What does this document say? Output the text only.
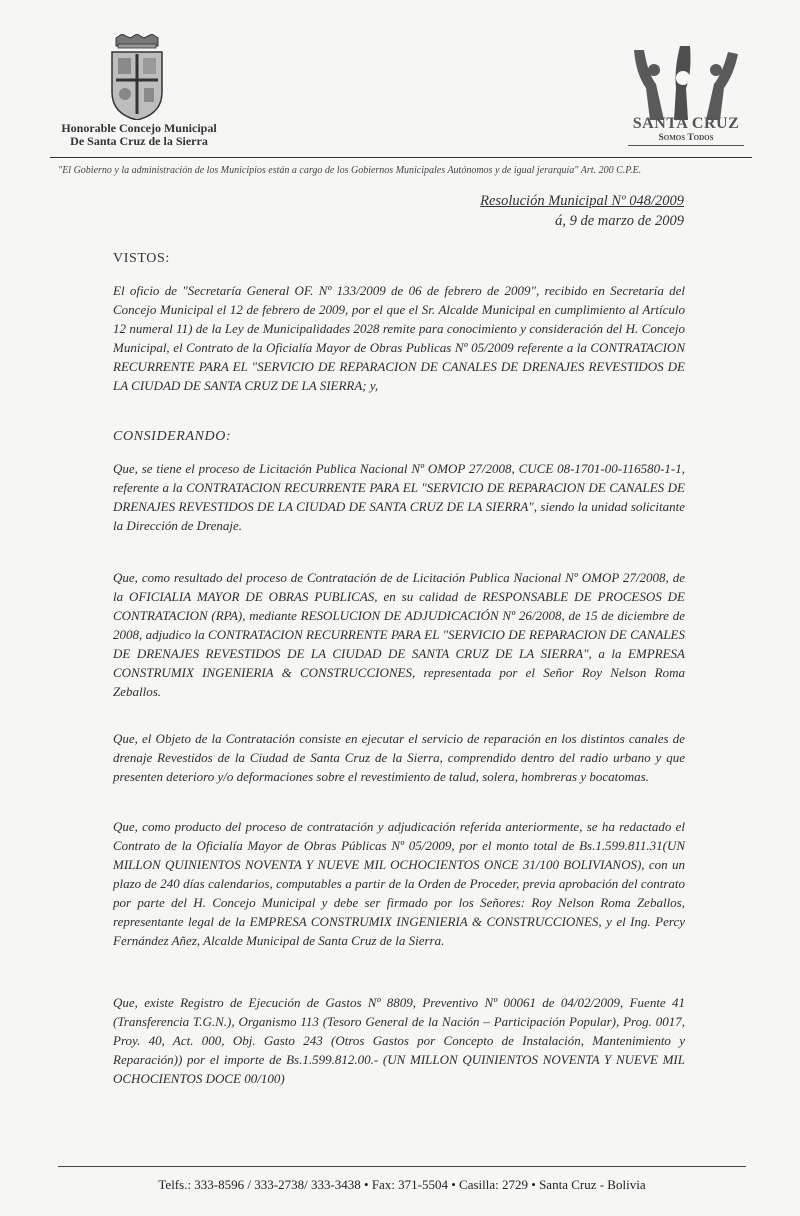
Honorable Concejo Municipal
De Santa Cruz de la Sierra
SANTA CRUZ
Somos Todos
"El Gobierno y la administración de los Municipios están a cargo de los Gobiernos Municipales Autónomos y de igual jerarquía" Art. 200 C.P.E.
Resolución Municipal Nº 048/2009
á, 9 de marzo de 2009
VISTOS:
El oficio de "Secretaría General OF. Nº 133/2009 de 06 de febrero de 2009", recibido en Secretaría del Concejo Municipal el 12 de febrero de 2009, por el que el Sr. Alcalde Municipal en cumplimiento al Artículo 12 numeral 11) de la Ley de Municipalidades 2028 remite para conocimiento y consideración del H. Concejo Municipal, el Contrato de la Oficialía Mayor de Obras Publicas Nº 05/2009 referente a la CONTRATACION RECURRENTE PARA EL "SERVICIO DE REPARACION DE CANALES DE DRENAJES REVESTIDOS DE LA CIUDAD DE SANTA CRUZ DE LA SIERRA; y,
CONSIDERANDO:
Que, se tiene el proceso de Licitación Publica Nacional Nº OMOP 27/2008, CUCE 08-1701-00-116580-1-1, referente a la CONTRATACION RECURRENTE PARA EL "SERVICIO DE REPARACION DE CANALES DE DRENAJES REVESTIDOS DE LA CIUDAD DE SANTA CRUZ DE LA SIERRA", siendo la unidad solicitante la Dirección de Drenaje.
Que, como resultado del proceso de Contratación de de Licitación Publica Nacional Nº OMOP 27/2008, de la OFICIALIA MAYOR DE OBRAS PUBLICAS, en su calidad de RESPONSABLE DE PROCESOS DE CONTRATACION (RPA), mediante RESOLUCION DE ADJUDICACIÓN Nº 26/2008, de 15 de diciembre de 2008, adjudico la CONTRATACION RECURRENTE PARA EL "SERVICIO DE REPARACION DE CANALES DE DRENAJES REVESTIDOS DE LA CIUDAD DE SANTA CRUZ DE LA SIERRA", a la EMPRESA CONSTRUMIX INGENIERIA & CONSTRUCCIONES, representada por el Señor Roy Nelson Roma Zeballos.
Que, el Objeto de la Contratación consiste en ejecutar el servicio de reparación en los distintos canales de drenaje Revestidos de la Ciudad de Santa Cruz de la Sierra, comprendido dentro del radio urbano y que presenten deterioro y/o deformaciones sobre el revestimiento de talud, solera, hombreras y bocatomas.
Que, como producto del proceso de contratación y adjudicación referida anteriormente, se ha redactado el Contrato de la Oficialía Mayor de Obras Públicas Nº 05/2009, por el monto total de Bs.1.599.811.31(UN MILLON QUINIENTOS NOVENTA Y NUEVE MIL OCHOCIENTOS ONCE 31/100 BOLIVIANOS), con un plazo de 240 días calendarios, computables a partir de la Orden de Proceder, previa aprobación del contrato por parte del H. Concejo Municipal y debe ser firmado por los Señores: Roy Nelson Roma Zeballos, representante legal de la EMPRESA CONSTRUMIX INGENIERIA & CONSTRUCCIONES, y el Ing. Percy Fernández Añez, Alcalde Municipal de Santa Cruz de la Sierra.
Que, existe Registro de Ejecución de Gastos Nº 8809, Preventivo Nº 00061 de 04/02/2009, Fuente 41 (Transferencia T.G.N.), Organismo 113 (Tesoro General de la Nación – Participación Popular), Prog. 0017, Proy. 40, Act. 000, Obj. Gasto 243 (Otros Gastos por Concepto de Instalación, Mantenimiento y Reparación)) por el importe de Bs.1.599.812.00.- (UN MILLON QUINIENTOS NOVENTA Y NUEVE MIL OCHOCIENTOS DOCE 00/100)
Telfs.: 333-8596 / 333-2738/ 333-3438 • Fax: 371-5504 • Casilla: 2729 • Santa Cruz - Bolivia
